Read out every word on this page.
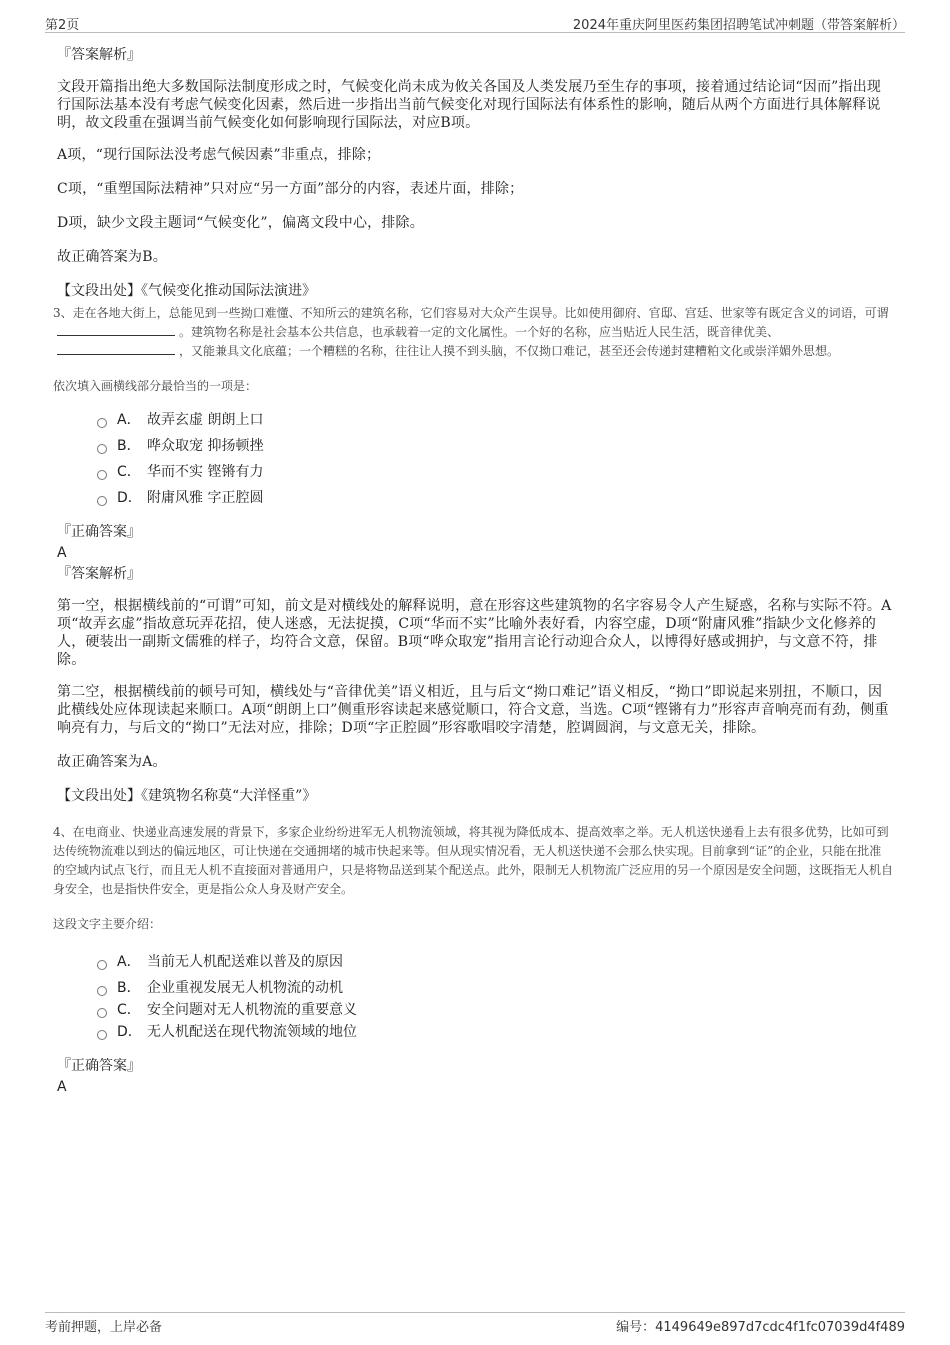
第2页	2024年重庆阿里医药集团招聘笔试冲刺题（带答案解析）

『答案解析』

文段开篇指出绝大多数国际法制度形成之时，气候变化尚未成为攸关各国及人类发展乃至生存的事项，接着通过结论词“因而”指出现行国际法基本没有考虑气候变化因素，然后进一步指出当前气候变化对现行国际法有体系性的影响，随后从两个方面进行具体解释说明，故文段重在强调当前气候变化如何影响现行国际法，对应B项。

A项，“现行国际法没考虑气候因素”非重点，排除；

C项，“重塑国际法精神”只对应“另一方面”部分的内容，表述片面，排除；

D项，缺少文段主题词“气候变化”，偏离文段中心，排除。

故正确答案为B。

【文段出处】《气候变化推动国际法演进》

3、走在各地大街上，总能见到一些拗口难懂、不知所云的建筑名称，它们容易对大众产生误导。比如使用御府、官邸、宫廷、世家等有既定含义的词语，可谓。建筑物名称是社会基本公共信息，也承载着一定的文化属性。一个好的名称，应当贴近人民生活，既音律优美、，又能兼具文化底蕴；一个糟糕的名称，往往让人摸不到头脑，不仅拗口难记，甚至还会传递封建糟粕文化或崇洋媚外思想。

依次填入画横线部分最恰当的一项是：

A． 故弄玄虚 朗朗上口
B． 哗众取宠 抑扬顿挫
C． 华而不实 铿锵有力
D． 附庸风雅 字正腔圆

『正确答案』

A

『答案解析』

第一空，根据横线前的“可谓”可知，前文是对横线处的解释说明，意在形容这些建筑物的名字容易令人产生疑惑，名称与实际不符。A项“故弄玄虚”指故意玩弄花招，使人迷惑，无法捉摸，C项“华而不实”比喻外表好看，内容空虚，D项“附庸风雅”指缺少文化修养的人，硬装出一副斯文儒雅的样子，均符合文意，保留。B项“哗众取宠”指用言论行动迎合众人，以博得好感或拥护，与文意不符，排除。

第二空，根据横线前的顿号可知，横线处与“音律优美”语义相近，且与后文“拗口难记”语义相反，“拗口”即说起来别扭，不顺口，因此横线处应体现读起来顺口。A项“朗朗上口”侧重形容读起来感觉顺口，符合文意，当选。C项“铿锵有力”形容声音响亮而有劲，侧重响亮有力，与后文的“拗口”无法对应，排除；D项“字正腔圆”形容歌唱咬字清楚，腔调圆润，与文意无关，排除。

故正确答案为A。

【文段出处】《建筑物名称莫“大洋怪重”》

4、在电商业、快递业高速发展的背景下，多家企业纷纷进军无人机物流领域，将其视为降低成本、提高效率之举。无人机送快递看上去有很多优势，比如可到达传统物流难以到达的偏远地区，可让快递在交通拥堵的城市快起来等。但从现实情况看，无人机送快递不会那么快实现。目前拿到“证”的企业，只能在批准的空域内试点飞行，而且无人机不直接面对普通用户，只是将物品送到某个配送点。此外，限制无人机物流广泛应用的另一个原因是安全问题，这既指无人机自身安全，也是指快件安全，更是指公众人身及财产安全。

这段文字主要介绍：

A． 当前无人机配送难以普及的原因
B． 企业重视发展无人机物流的动机
C． 安全问题对无人机物流的重要意义
D． 无人机配送在现代物流领域的地位

『正确答案』

A

考前押题，上岸必备	编号：4149649e897d7cdc4f1fc07039d4f489
